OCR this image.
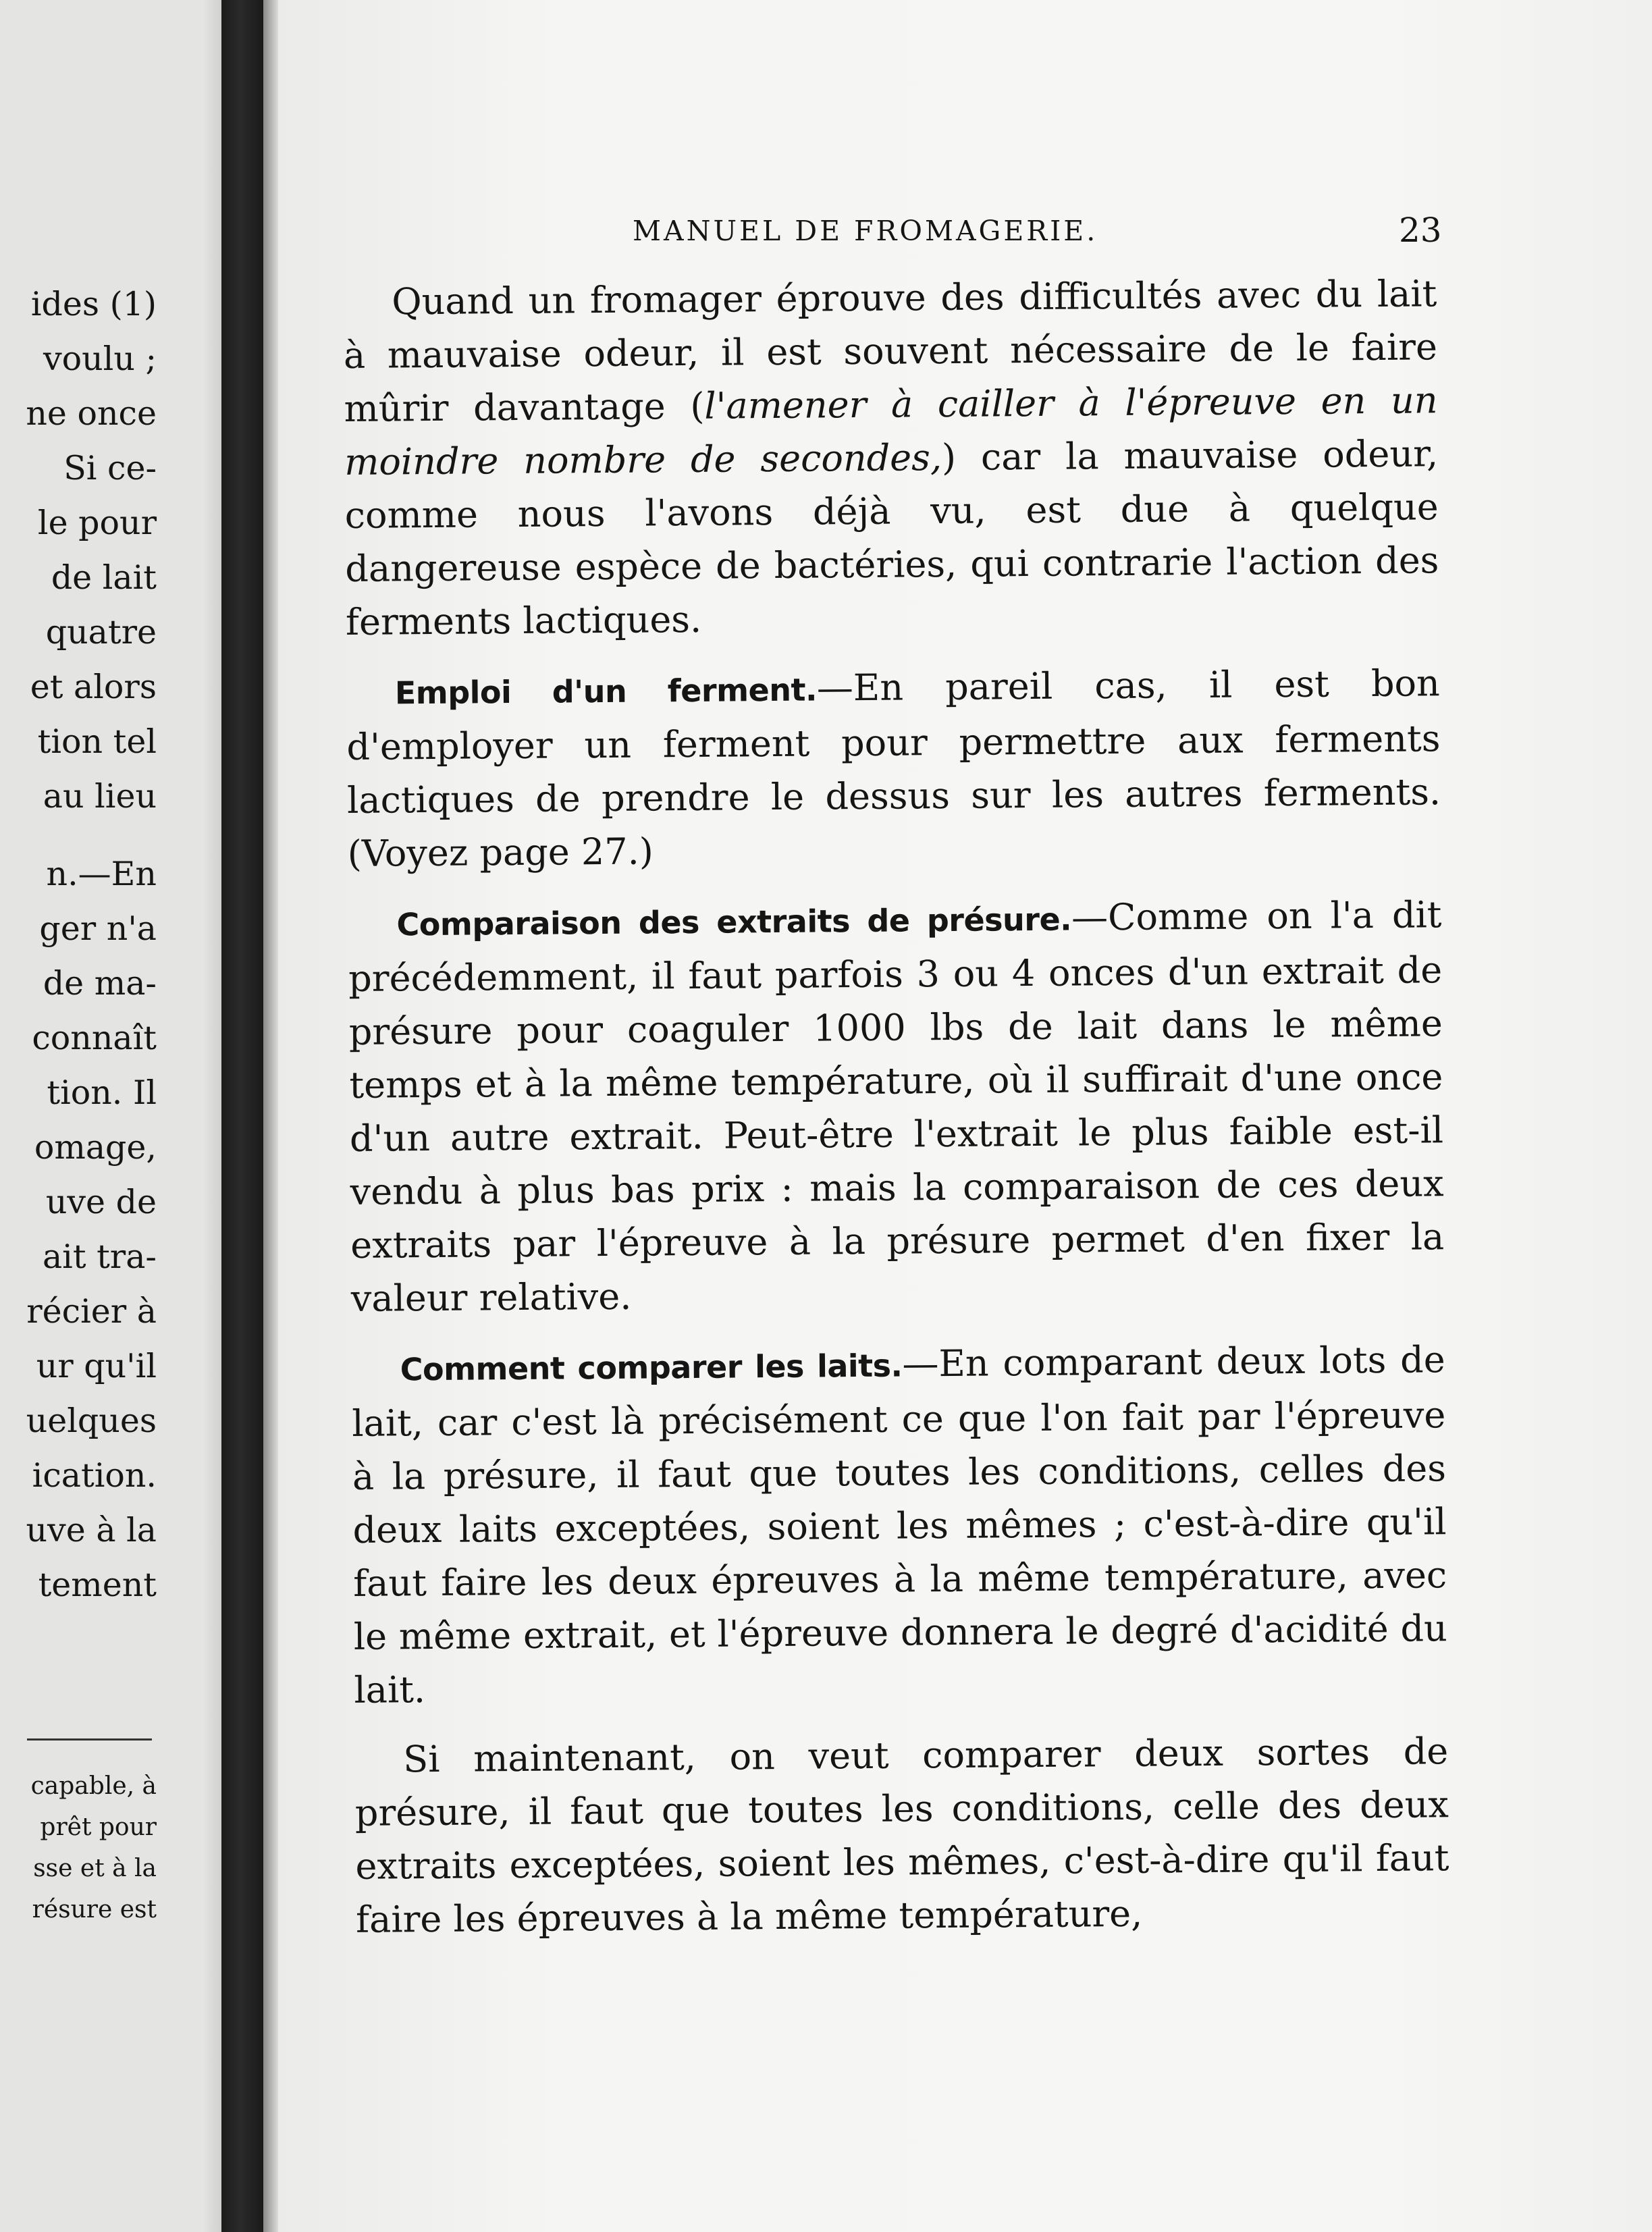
ides (1)
voulu ;
ne once
Si ce-
le pour
de lait
quatre
et alors
tion tel
au lieu
n.—En
ger n'a
de ma-
connaît
tion. Il
omage,
uve de
ait tra-
récier à
ur qu'il
uelques
ication.
uve à la
tement
capable, à
prêt pour
sse et à la
résure est
MANUEL DE FROMAGERIE.	23

Quand un fromager éprouve des difficultés avec du lait à mauvaise odeur, il est souvent nécessaire de le faire mûrir davantage (l'amener à cailler à l'épreuve en un moindre nombre de secondes,) car la mauvaise odeur, comme nous l'avons déjà vu, est due à quelque dangereuse espèce de bactéries, qui contrarie l'action des ferments lactiques.

Emploi d'un ferment.—En pareil cas, il est bon d'employer un ferment pour permettre aux ferments lactiques de prendre le dessus sur les autres ferments. (Voyez page 27.)

Comparaison des extraits de présure.—Comme on l'a dit précédemment, il faut parfois 3 ou 4 onces d'un extrait de présure pour coaguler 1000 lbs de lait dans le même temps et à la même température, où il suffirait d'une once d'un autre extrait. Peut-être l'extrait le plus faible est-il vendu à plus bas prix : mais la comparaison de ces deux extraits par l'épreuve à la présure permet d'en fixer la valeur relative.

Comment comparer les laits.—En comparant deux lots de lait, car c'est là précisément ce que l'on fait par l'épreuve à la présure, il faut que toutes les conditions, celles des deux laits exceptées, soient les mêmes ; c'est-à-dire qu'il faut faire les deux épreuves à la même température, avec le même extrait, et l'épreuve donnera le degré d'acidité du lait.

Si maintenant, on veut comparer deux sortes de présure, il faut que toutes les conditions, celle des deux extraits exceptées, soient les mêmes, c'est-à-dire qu'il faut faire les épreuves à la même température,
